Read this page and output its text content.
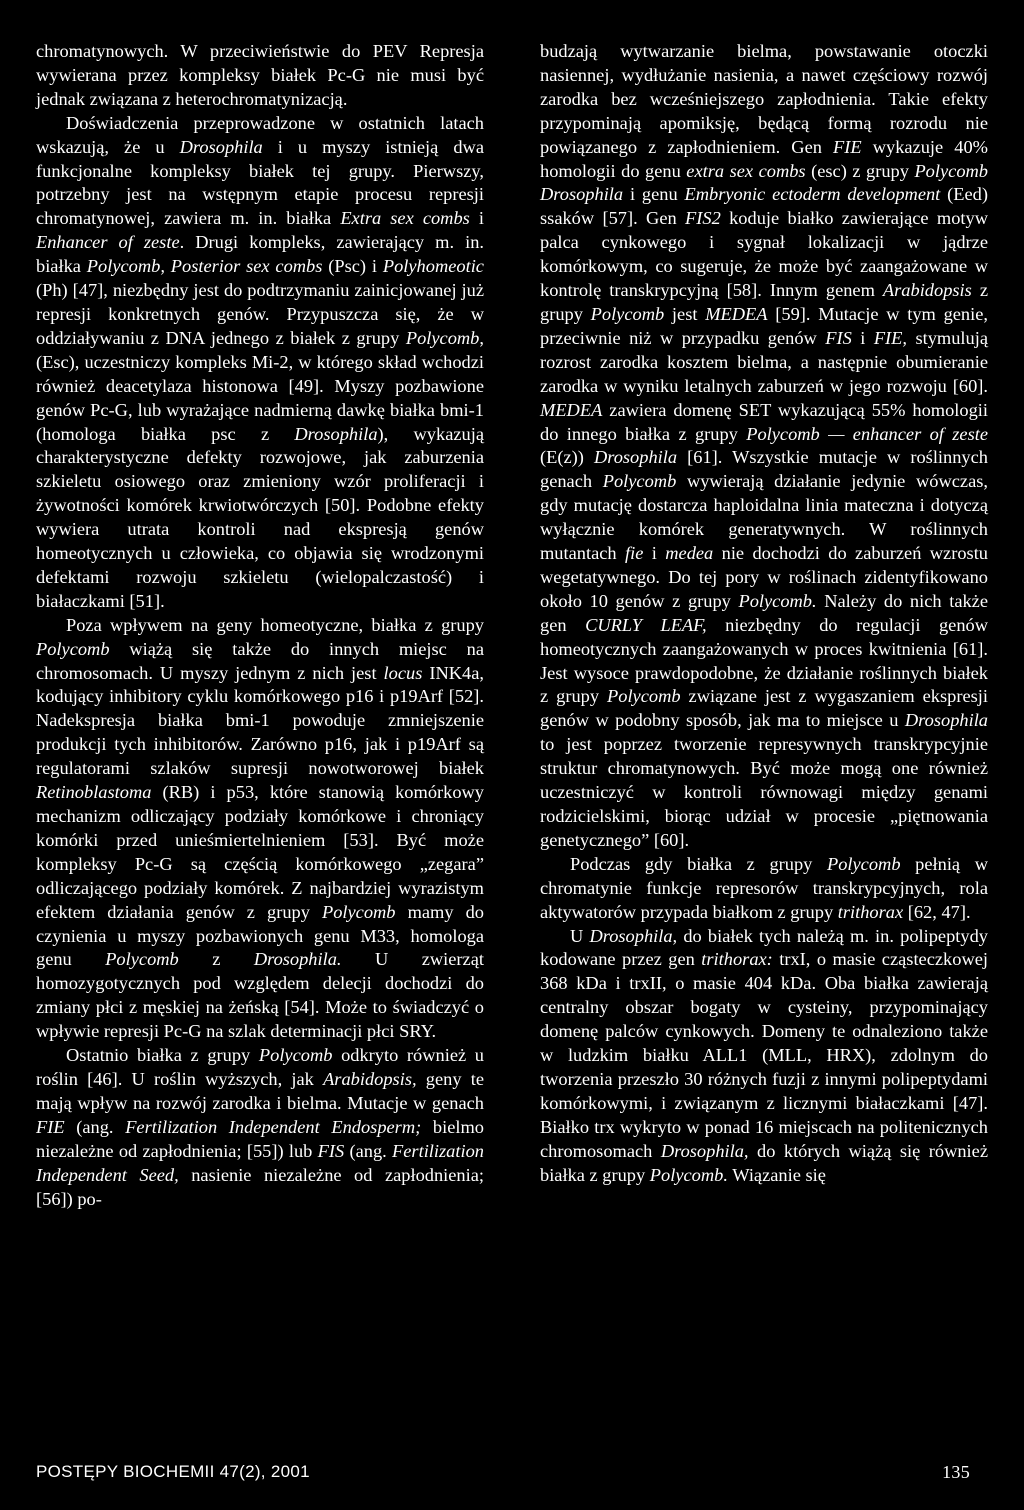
chromatynowych. W przeciwieństwie do PEV Represja wywierana przez kompleksy białek Pc-G nie musi być jednak związana z heterochromatynizacją.

Doświadczenia przeprowadzone w ostatnich latach wskazują, że u Drosophila i u myszy istnieją dwa funkcjonalne kompleksy białek tej grupy. Pierwszy, potrzebny jest na wstępnym etapie procesu represji chromatynowej, zawiera m. in. białka Extra sex combs i Enhancer of zeste. Drugi kompleks, zawierający m. in. białka Polycomb, Posterior sex combs (Psc) i Polyhomeotic (Ph) [47], niezbędny jest do podtrzymaniu zainicjowanej już represji konkretnych genów. Przypuszcza się, że w oddziaływaniu z DNA jednego z białek z grupy Polycomb, (Esc), uczestniczy kompleks Mi-2, w którego skład wchodzi również deacetylaza histonowa [49]. Myszy pozbawione genów Pc-G, lub wyrażające nadmierną dawkę białka bmi-1 (homologa białka psc z Drosophila), wykazują charakterystyczne defekty rozwojowe, jak zaburzenia szkieletu osiowego oraz zmieniony wzór proliferacji i żywotności komórek krwiotwórczych [50]. Podobne efekty wywiera utrata kontroli nad ekspresją genów homeotycznych u człowieka, co objawia się wrodzonymi defektami rozwoju szkieletu (wielopalczastość) i białaczkami [51].

Poza wpływem na geny homeotyczne, białka z grupy Polycomb wiążą się także do innych miejsc na chromosomach. U myszy jednym z nich jest locus INK4a, kodujący inhibitory cyklu komórkowego p16 i p19Arf [52]. Nadekspresja białka bmi-1 powoduje zmniejszenie produkcji tych inhibitorów. Zarówno p16, jak i p19Arf są regulatorami szlaków supresji nowotworowej białek Retinoblastoma (RB) i p53, które stanowią komórkowy mechanizm odliczający podziały komórkowe i chroniący komórki przed unieśmiertelnieniem [53]. Być może kompleksy Pc-G są częścią komórkowego „zegara” odliczającego podziały komórek. Z najbardziej wyrazistym efektem działania genów z grupy Polycomb mamy do czynienia u myszy pozbawionych genu M33, homologa genu Polycomb z Drosophila. U zwierząt homozygotycznych pod względem delecji dochodzi do zmiany płci z męskiej na żeńską [54]. Może to świadczyć o wpływie represji Pc-G na szlak determinacji płci SRY.

Ostatnio białka z grupy Polycomb odkryto również u roślin [46]. U roślin wyższych, jak Arabidopsis, geny te mają wpływ na rozwój zarodka i bielma. Mutacje w genach FIE (ang. Fertilization Independent Endosperm; bielmo niezależne od zapłodnienia; [55]) lub FIS (ang. Fertilization Independent Seed, nasienie niezależne od zapłodnienia; [56]) po-

budzają wytwarzanie bielma, powstawanie otoczki nasiennej, wydłużanie nasienia, a nawet częściowy rozwój zarodka bez wcześniejszego zapłodnienia. Takie efekty przypominają apomiksję, będącą formą rozrodu nie powiązanego z zapłodnieniem. Gen FIE wykazuje 40% homologii do genu extra sex combs (esc) z grupy Polycomb Drosophila i genu Embryonic ectoderm development (Eed) ssaków [57]. Gen FIS2 koduje białko zawierające motyw palca cynkowego i sygnał lokalizacji w jądrze komórkowym, co sugeruje, że może być zaangażowane w kontrolę transkrypcyjną [58]. Innym genem Arabidopsis z grupy Polycomb jest MEDEA [59]. Mutacje w tym genie, przeciwnie niż w przypadku genów FIS i FIE, stymulują rozrost zarodka kosztem bielma, a następnie obumieranie zarodka w wyniku letalnych zaburzeń w jego rozwoju [60]. MEDEA zawiera domenę SET wykazującą 55% homologii do innego białka z grupy Polycomb — enhancer of zeste (E(z)) Drosophila [61]. Wszystkie mutacje w roślinnych genach Polycomb wywierają działanie jedynie wówczas, gdy mutację dostarcza haploidalna linia mateczna i dotyczą wyłącznie komórek generatywnych. W roślinnych mutantach fie i medea nie dochodzi do zaburzeń wzrostu wegetatywnego. Do tej pory w roślinach zidentyfikowano około 10 genów z grupy Polycomb. Należy do nich także gen CURLY LEAF, niezbędny do regulacji genów homeotycznych zaangażowanych w proces kwitnienia [61]. Jest wysoce prawdopodobne, że działanie roślinnych białek z grupy Polycomb związane jest z wygaszaniem ekspresji genów w podobny sposób, jak ma to miejsce u Drosophila to jest poprzez tworzenie represywnych transkrypcyjnie struktur chromatynowych. Być może mogą one również uczestniczyć w kontroli równowagi między genami rodzicielskimi, biorąc udział w procesie „piętnowania genetycznego” [60].

Podczas gdy białka z grupy Polycomb pełnią w chromatynie funkcje represorów transkrypcyjnych, rola aktywatorów przypada białkom z grupy trithorax [62, 47].

U Drosophila, do białek tych należą m. in. polipeptydy kodowane przez gen trithorax: trxI, o masie cząsteczkowej 368 kDa i trxII, o masie 404 kDa. Oba białka zawierają centralny obszar bogaty w cysteiny, przypominający domenę palców cynkowych. Domeny te odnaleziono także w ludzkim białku ALL1 (MLL, HRX), zdolnym do tworzenia przeszło 30 różnych fuzji z innymi polipeptydami komórkowymi, i związanym z licznymi białaczkami [47]. Białko trx wykryto w ponad 16 miejscach na politenicznych chromosomach Drosophila, do których wiążą się również białka z grupy Polycomb. Wiązanie się

POSTĘPY BIOCHEMII 47(2), 2001	135
